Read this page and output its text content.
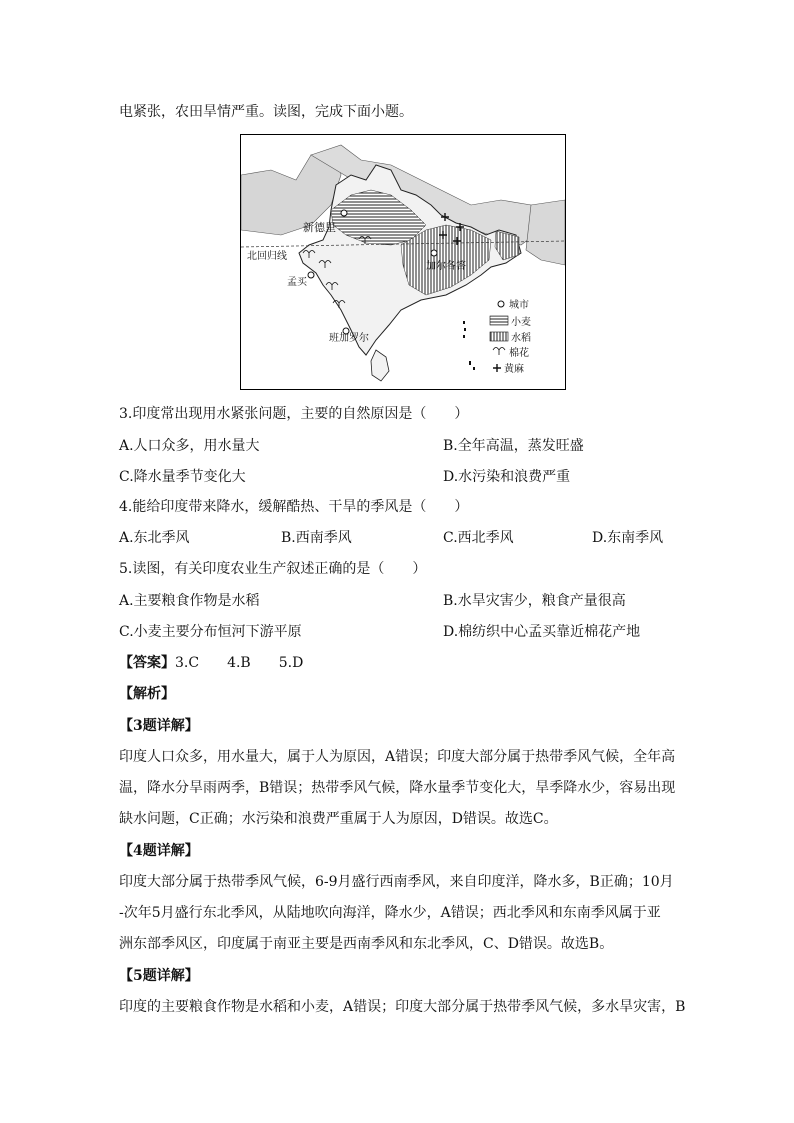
电紧张，农田旱情严重。读图，完成下面小题。
新德里
孟买
加尔各答
班加罗尔
北回归线
城市
小麦
水稻
棉花
黄麻
3.印度常出现用水紧张问题，主要的自然原因是（　　）
A.人口众多，用水量大	B.全年高温，蒸发旺盛
C.降水量季节变化大	D.水污染和浪费严重
4.能给印度带来降水，缓解酷热、干旱的季风是（　　）
A.东北季风	B.西南季风	C.西北季风	D.东南季风
5.读图，有关印度农业生产叙述正确的是（　　）
A.主要粮食作物是水稻	B.水旱灾害少，粮食产量很高
C.小麦主要分布恒河下游平原	D.棉纺织中心孟买靠近棉花产地
【答案】3.C　　4.B　　5.D
【解析】
【3题详解】
印度人口众多，用水量大，属于人为原因，A错误；印度大部分属于热带季风气候，全年高
温，降水分旱雨两季，B错误；热带季风气候，降水量季节变化大，旱季降水少，容易出现
缺水问题，C正确；水污染和浪费严重属于人为原因，D错误。故选C。
【4题详解】
印度大部分属于热带季风气候，6-9月盛行西南季风，来自印度洋，降水多，B正确；10月
-次年5月盛行东北季风，从陆地吹向海洋，降水少，A错误；西北季风和东南季风属于亚
洲东部季风区，印度属于南亚主要是西南季风和东北季风，C、D错误。故选B。
【5题详解】
印度的主要粮食作物是水稻和小麦，A错误；印度大部分属于热带季风气候，多水旱灾害，B
